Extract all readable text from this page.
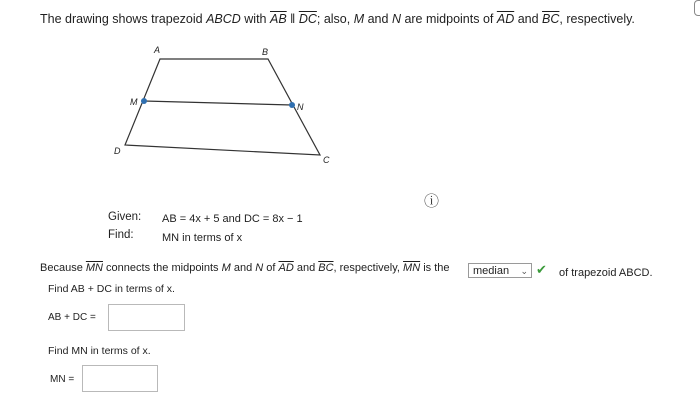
The drawing shows trapezoid ABCD with $\overline{AB}$ ǁ $\overline{DC}$; also, M and N are midpoints of $\overline{AD}$ and $\overline{BC}$, respectively.
A	B
M	N
D
C
ⓘ
Given: AB = 4x + 5 and DC = 8x − 1
Find:	MN in terms of x
Because $\overline{MN}$ connects the midpoints M and N of $\overline{AD}$ and $\overline{BC}$, respectively, $\overline{MN}$ is the	median ⌄ ✔ of trapezoid ABCD.
Find AB + DC in terms of x.
AB + DC =
Find MN in terms of x.
MN =
